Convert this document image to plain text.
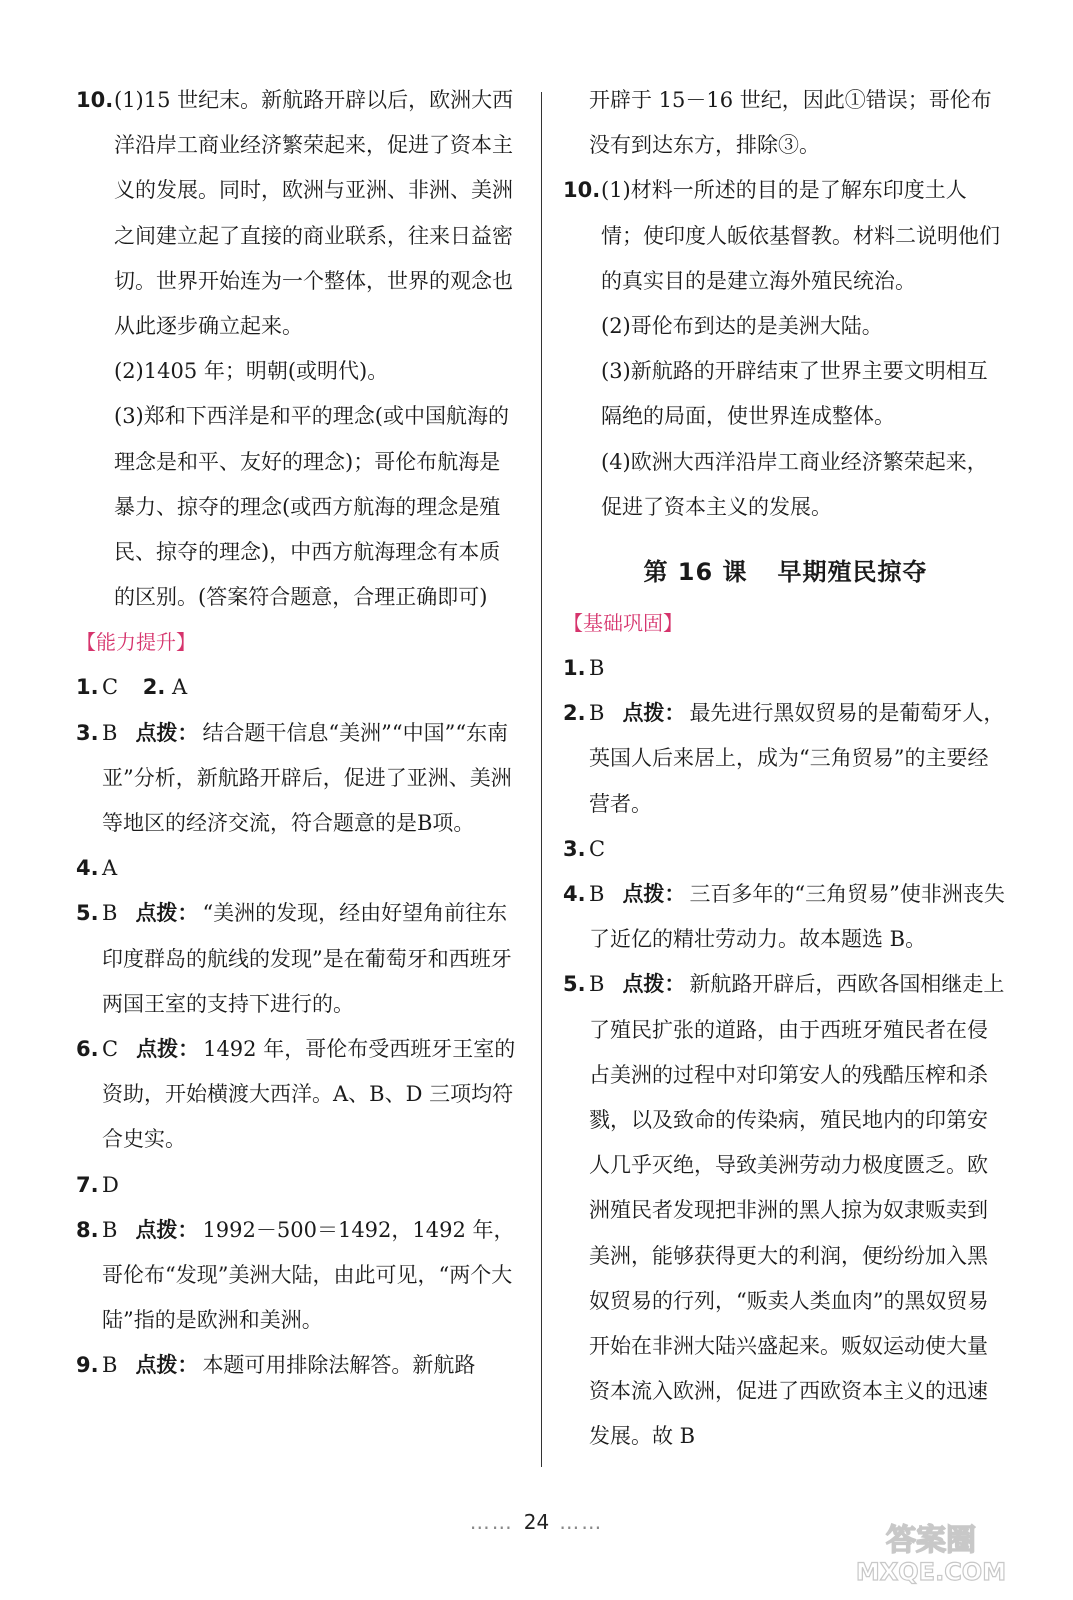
10. (1)15 世纪末。新航路开辟以后，欧洲大西洋沿岸工商业经济繁荣起来，促进了资本主义的发展。同时，欧洲与亚洲、非洲、美洲之间建立起了直接的商业联系，往来日益密切。世界开始连为一个整体，世界的观念也从此逐步确立起来。

(2)1405 年；明朝(或明代)。

(3)郑和下西洋是和平的理念(或中国航海的理念是和平、友好的理念)；哥伦布航海是暴力、掠夺的理念(或西方航海的理念是殖民、掠夺的理念)，中西方航海理念有本质的区别。(答案符合题意，合理正确即可)

【能力提升】

1. C 2. A
3. B 点拨： 结合题干信息“美洲”“中国”“东南亚”分析，新航路开辟后，促进了亚洲、美洲等地区的经济交流，符合题意的是B项。
4. A
5. B 点拨： “美洲的发现，经由好望角前往东印度群岛的航线的发现”是在葡萄牙和西班牙两国王室的支持下进行的。
6. C 点拨： 1492 年，哥伦布受西班牙王室的资助，开始横渡大西洋。A、B、D 三项均符合史实。
7. D
8. B 点拨： 1992－500＝1492，1492 年，哥伦布“发现”美洲大陆，由此可见，“两个大陆”指的是欧洲和美洲。
9. B 点拨： 本题可用排除法解答。新航路

开辟于 15－16 世纪，因此①错误；哥伦布没有到达东方，排除③。

10. (1)材料一所述的目的是了解东印度土人情；使印度人皈依基督教。材料二说明他们的真实目的是建立海外殖民统治。

(2)哥伦布到达的是美洲大陆。

(3)新航路的开辟结束了世界主要文明相互隔绝的局面，使世界连成整体。

(4)欧洲大西洋沿岸工商业经济繁荣起来，促进了资本主义的发展。

第 16 课 早期殖民掠夺

【基础巩固】

1. B
2. B 点拨： 最先进行黑奴贸易的是葡萄牙人，英国人后来居上，成为“三角贸易”的主要经营者。
3. C
4. B 点拨： 三百多年的“三角贸易”使非洲丧失了近亿的精壮劳动力。故本题选 B。
5. B 点拨： 新航路开辟后，西欧各国相继走上了殖民扩张的道路，由于西班牙殖民者在侵占美洲的过程中对印第安人的残酷压榨和杀戮，以及致命的传染病，殖民地内的印第安人几乎灭绝，导致美洲劳动力极度匮乏。欧洲殖民者发现把非洲的黑人掠为奴隶贩卖到美洲，能够获得更大的利润，便纷纷加入黑奴贸易的行列，“贩卖人类血肉”的黑奴贸易开始在非洲大陆兴盛起来。贩奴运动使大量资本流入欧洲，促进了西欧资本主义的迅速发展。故 B
…… 24 ……
答案圈
MXQE.COM
